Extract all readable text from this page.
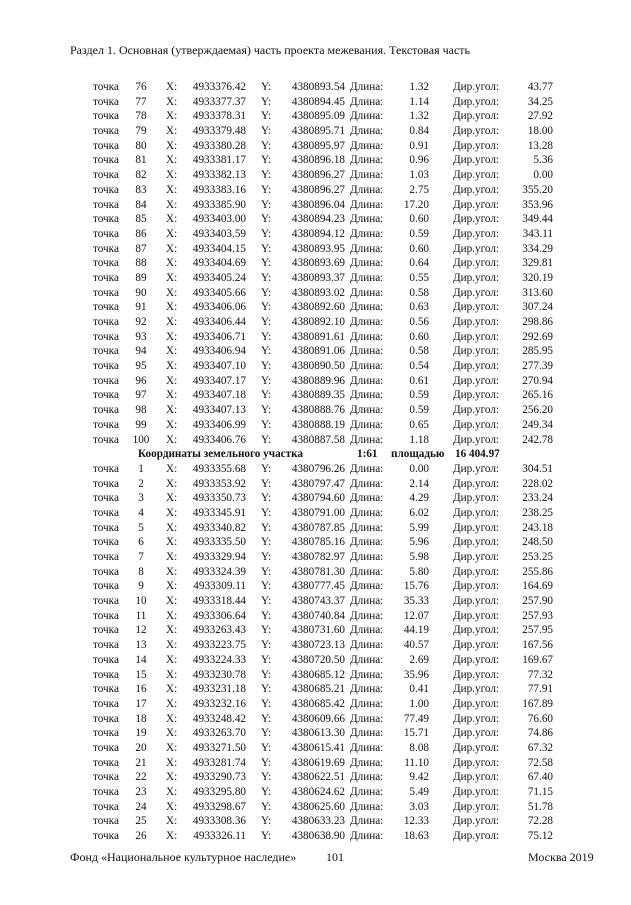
Раздел 1. Основная (утверждаемая) часть проекта межевания. Текстовая часть
точка	76	X: 4933376.42 Y:	4380893.54 Длина:	1.32 Дир.угол:	43.77
точка	77	X: 4933377.37 Y:	4380894.45 Длина:	1.14 Дир.угол:	34.25
точка	78	X: 4933378.31 Y:	4380895.09 Длина:	1.32 Дир.угол:	27.92
точка	79	X: 4933379.48 Y:	4380895.71 Длина:	0.84 Дир.угол:	18.00
точка	80	X: 4933380.28 Y:	4380895.97 Длина:	0.91 Дир.угол:	13.28
точка	81	X: 4933381.17 Y:	4380896.18 Длина:	0.96 Дир.угол:	5.36
точка	82	X: 4933382.13 Y:	4380896.27 Длина:	1.03 Дир.угол:	0.00
точка	83	X: 4933383.16 Y:	4380896.27 Длина:	2.75 Дир.угол:	355.20
точка	84	X: 4933385.90 Y:	4380896.04 Длина:	17.20 Дир.угол:	353.96
точка	85	X: 4933403.00 Y:	4380894.23 Длина:	0.60 Дир.угол:	349.44
точка	86	X: 4933403.59 Y:	4380894.12 Длина:	0.59 Дир.угол:	343.11
точка	87	X: 4933404.15 Y:	4380893.95 Длина:	0.60 Дир.угол:	334.29
точка	88	X: 4933404.69 Y:	4380893.69 Длина:	0.64 Дир.угол:	329.81
точка	89	X: 4933405.24 Y:	4380893.37 Длина:	0.55 Дир.угол:	320.19
точка	90	X: 4933405.66 Y:	4380893.02 Длина:	0.58 Дир.угол:	313.60
точка	91	X: 4933406.06 Y:	4380892.60 Длина:	0.63 Дир.угол:	307.24
точка	92	X: 4933406.44 Y:	4380892.10 Длина:	0.56 Дир.угол:	298.86
точка	93	X: 4933406.71 Y:	4380891.61 Длина:	0.60 Дир.угол:	292.69
точка	94	X: 4933406.94 Y:	4380891.06 Длина:	0.58 Дир.угол:	285.95
точка	95	X: 4933407.10 Y:	4380890.50 Длина:	0.54 Дир.угол:	277.39
точка	96	X: 4933407.17 Y:	4380889.96 Длина:	0.61 Дир.угол:	270.94
точка	97	X: 4933407.18 Y:	4380889.35 Длина:	0.59 Дир.угол:	265.16
точка	98	X: 4933407.13 Y:	4380888.76 Длина:	0.59 Дир.угол:	256.20
точка	99	X: 4933406.99 Y:	4380888.19 Длина:	0.65 Дир.угол:	249.34
точка	100	X: 4933406.76 Y:	4380887.58 Длина:	1.18 Дир.угол:	242.78
Координаты земельного участка	1:61 площадью 16 404.97
точка	1	X: 4933355.68 Y:	4380796.26 Длина:	0.00 Дир.угол:	304.51
точка	2	X: 4933353.92 Y:	4380797.47 Длина:	2.14 Дир.угол:	228.02
точка	3	X: 4933350.73 Y:	4380794.60 Длина:	4.29 Дир.угол:	233.24
точка	4	X: 4933345.91 Y:	4380791.00 Длина:	6.02 Дир.угол:	238.25
точка	5	X: 4933340.82 Y:	4380787.85 Длина:	5.99 Дир.угол:	243.18
точка	6	X: 4933335.50 Y:	4380785.16 Длина:	5.96 Дир.угол:	248.50
точка	7	X: 4933329.94 Y:	4380782.97 Длина:	5.98 Дир.угол:	253.25
точка	8	X: 4933324.39 Y:	4380781.30 Длина:	5.80 Дир.угол:	255.86
точка	9	X: 4933309.11 Y:	4380777.45 Длина:	15.76 Дир.угол:	164.69
точка	10	X: 4933318.44 Y:	4380743.37 Длина:	35.33 Дир.угол:	257.90
точка	11	X: 4933306.64 Y:	4380740.84 Длина:	12.07 Дир.угол:	257.93
точка	12	X: 4933263.43 Y:	4380731.60 Длина:	44.19 Дир.угол:	257.95
точка	13	X: 4933223.75 Y:	4380723.13 Длина:	40.57 Дир.угол:	167.56
точка	14	X: 4933224.33 Y:	4380720.50 Длина:	2.69 Дир.угол:	169.67
точка	15	X: 4933230.78 Y:	4380685.12 Длина:	35.96 Дир.угол:	77.32
точка	16	X: 4933231.18 Y:	4380685.21 Длина:	0.41 Дир.угол:	77.91
точка	17	X: 4933232.16 Y:	4380685.42 Длина:	1.00 Дир.угол:	167.89
точка	18	X: 4933248.42 Y:	4380609.66 Длина:	77.49 Дир.угол:	76.60
точка	19	X: 4933263.70 Y:	4380613.30 Длина:	15.71 Дир.угол:	74.86
точка	20	X: 4933271.50 Y:	4380615.41 Длина:	8.08 Дир.угол:	67.32
точка	21	X: 4933281.74 Y:	4380619.69 Длина:	11.10 Дир.угол:	72.58
точка	22	X: 4933290.73 Y:	4380622.51 Длина:	9.42 Дир.угол:	67.40
точка	23	X: 4933295.80 Y:	4380624.62 Длина:	5.49 Дир.угол:	71.15
точка	24	X: 4933298.67 Y:	4380625.60 Длина:	3.03 Дир.угол:	51.78
точка	25	X: 4933308.36 Y:	4380633.23 Длина:	12.33 Дир.угол:	72.28
точка	26	X: 4933326.11 Y:	4380638.90 Длина:	18.63 Дир.угол:	75.12
Фонд «Национальное культурное наследие» 101	Москва 2019
